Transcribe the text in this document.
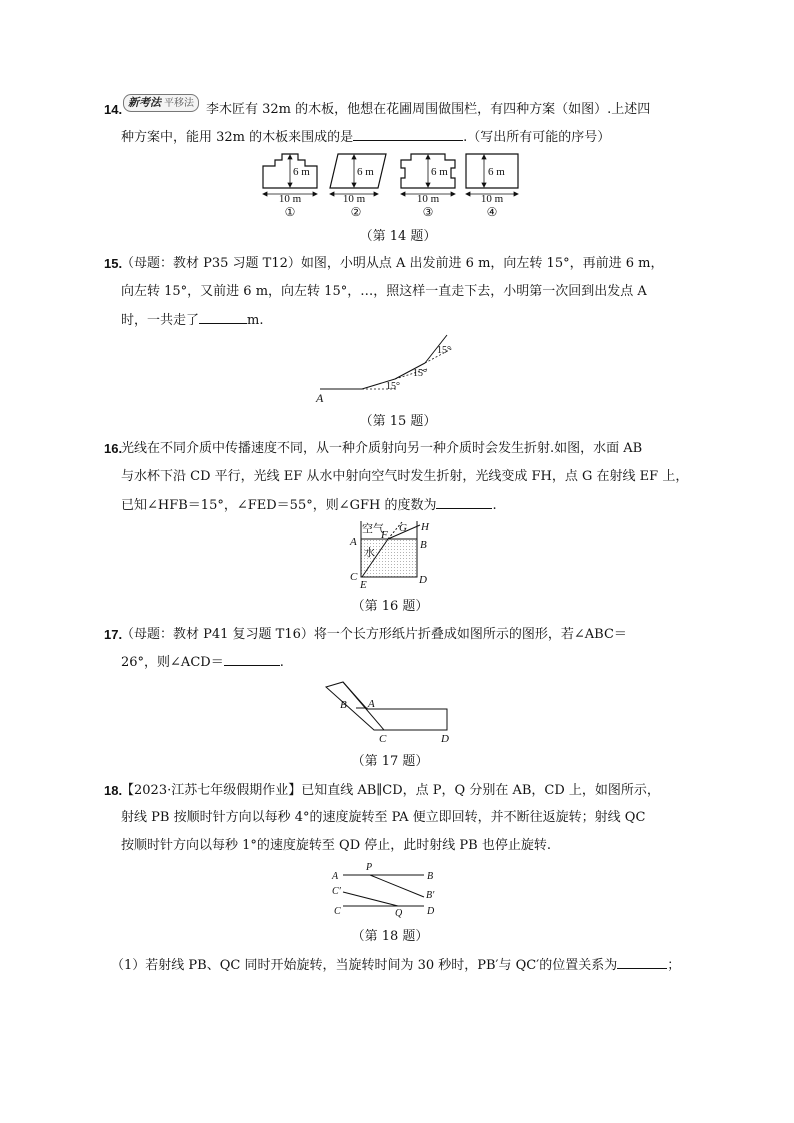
14. 新考法 平移法 李木匠有 32m 的木板，他想在花圃周围做围栏，有四种方案（如图）.上述四
种方案中，能用 32m 的木板来围成的是	.（写出所有可能的序号）
6 m	6 m	6 m	6 m
10 m	10 m	10 m	10 m
①	②	③	④
（第 14 题）
15.
（母题：教材 P35 习题 T12）如图，小明从点 A 出发前进 6 m，向左转 15°，再前进 6 m，
向左转 15°，又前进 6 m，向左转 15°，…，照这样一直走下去，小明第一次回到出发点 A
时，一共走了	m.
A
15°
15°
15°
（第 15 题）
16.
光线在不同介质中传播速度不同，从一种介质射向另一种介质时会发生折射.如图，水面 AB
与水杯下沿 CD 平行，光线 EF 从水中射向空气时发生折射，光线变成 FH，点 G 在射线 EF 上，
已知∠HFB＝15°，∠FED＝55°，则∠GFH 的度数为	.
空气
水
A	B
C	D
E
F
G H
（第 16 题）
17.
（母题：教材 P41 复习题 T16）将一个长方形纸片折叠成如图所示的图形，若∠ABC＝
26°，则∠ACD＝	.
B A
C	D
（第 17 题）
18.
【2023·江苏七年级假期作业】已知直线 AB∥CD，点 P，Q 分别在 AB，CD 上，如图所示，
射线 PB 按顺时针方向以每秒 4°的速度旋转至 PA 便立即回转，并不断往返旋转；射线 QC
按顺时针方向以每秒 1°的速度旋转至 QD 停止，此时射线 PB 也停止旋转.
P
A	B
C′	B′
C	Q D
（第 18 题）
（1）若射线 PB、QC 同时开始旋转，当旋转时间为 30 秒时，PB′与 QC′的位置关系为	；
